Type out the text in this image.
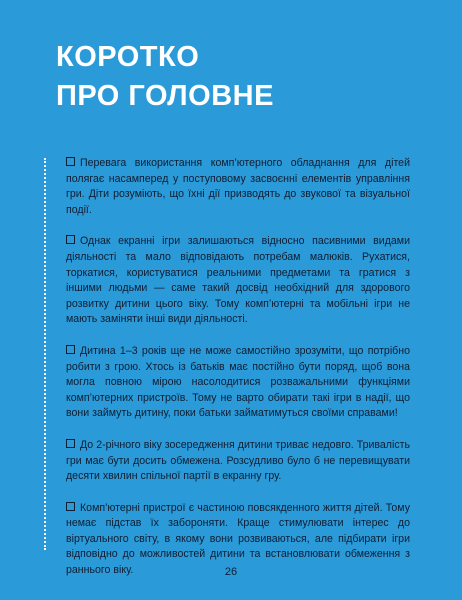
КОРОТКО
ПРО ГОЛОВНЕ
Перевага використання комп’ютерного обладнання для дітей полягає насамперед у поступовому засвоєнні елементів управління гри. Діти розуміють, що їхні дії призводять до звукової та візуальної події.
Однак екранні ігри залишаються відносно пасивними видами діяльності та мало відповідають потребам малюків. Рухатися, торкатися, користуватися реальними предметами та гратися з іншими людьми — саме такий досвід необхідний для здорового розвитку дитини цього віку. Тому комп’ютерні та мобільні ігри не мають заміняти інші види діяльності.
Дитина 1–3 років ще не може самостійно зрозуміти, що потрібно робити з грою. Хтось із батьків має постійно бути поряд, щоб вона могла повною мірою насолодитися розважальними функціями комп’ютерних пристроїв. Тому не варто обирати такі ігри в надії, що вони займуть дитину, поки батьки займатимуться своїми справами!
До 2-річного віку зосередження дитини триває недовго. Тривалість гри має бути досить обмежена. Розсудливо було б не перевищувати десяти хвилин спільної партії в екранну гру.
Комп’ютерні пристрої є частиною повсякденного життя дітей. Тому немає підстав їх забороняти. Краще стимулювати інтерес до віртуального світу, в якому вони розвиваються, але підбирати ігри відповідно до можливостей дитини та встановлювати обмеження з раннього віку.	26
